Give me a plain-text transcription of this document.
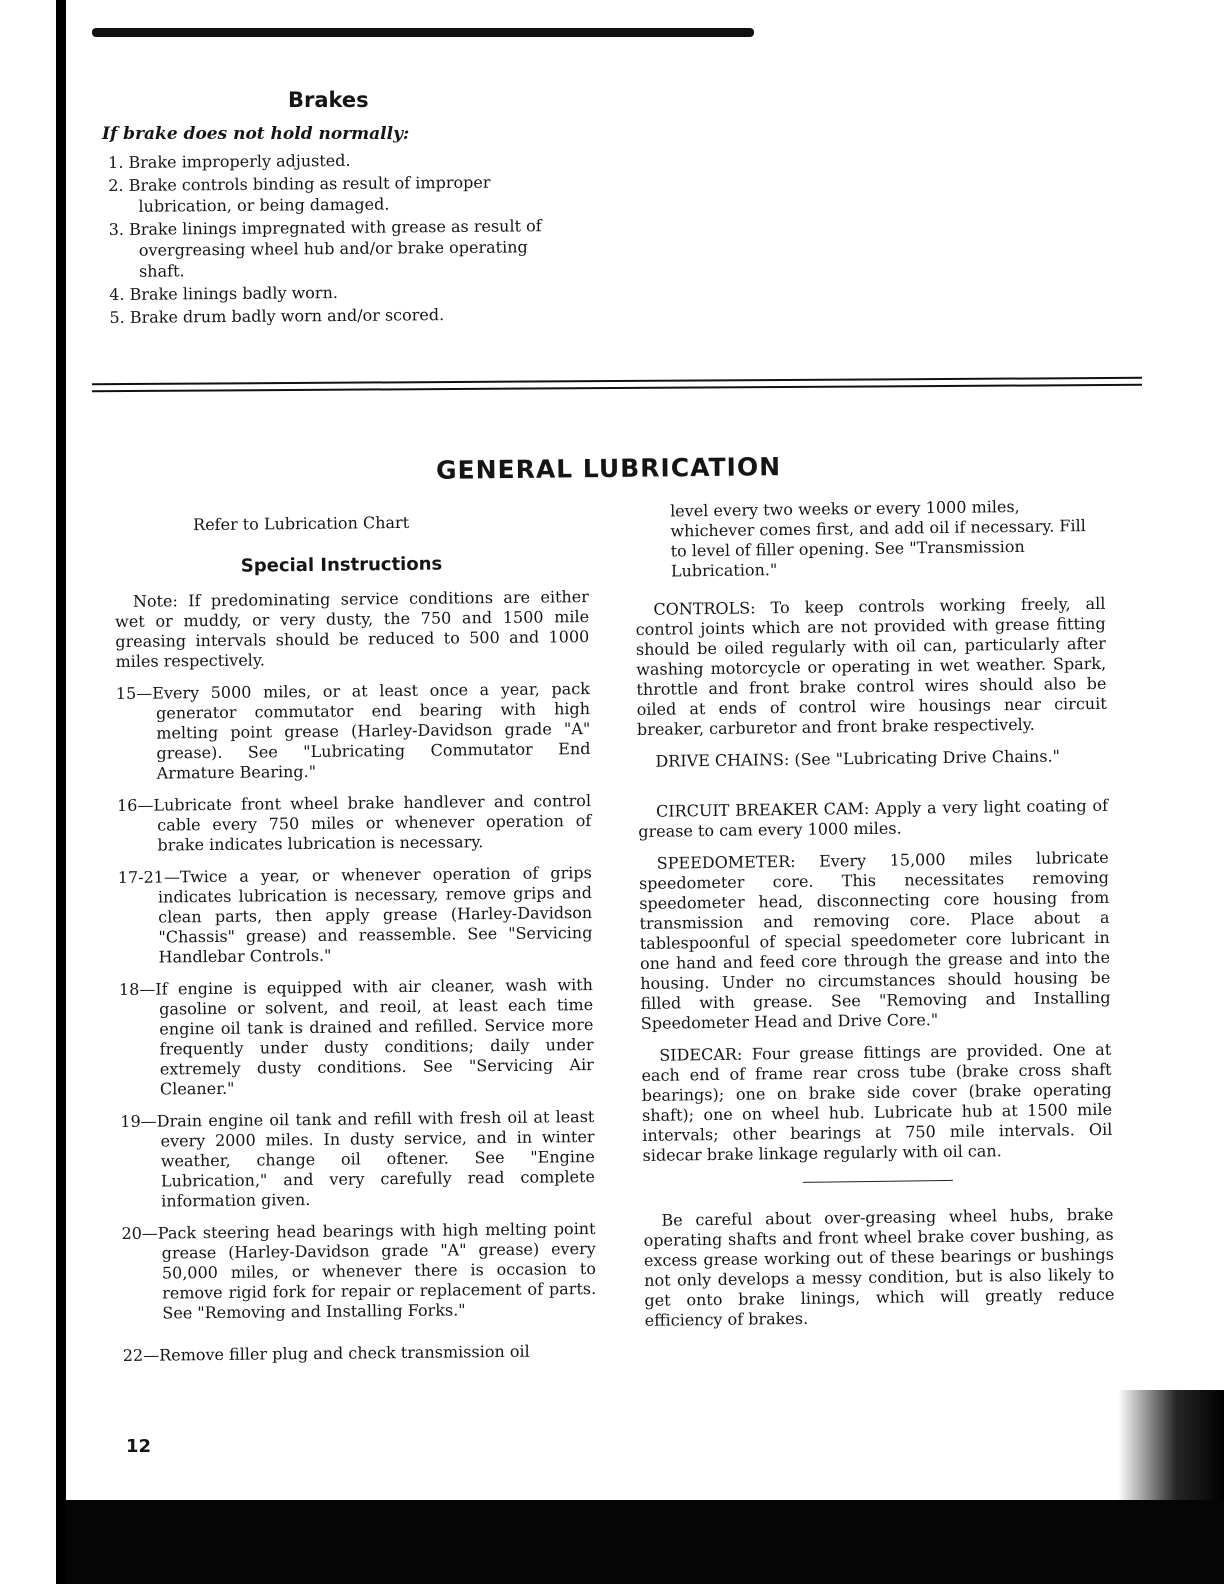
Brakes
If brake does not hold normally:
1. Brake improperly adjusted.
2. Brake controls binding as result of improper lubrication, or being damaged.
3. Brake linings impregnated with grease as result of overgreasing wheel hub and/or brake operating shaft.
4. Brake linings badly worn.
5. Brake drum badly worn and/or scored.
GENERAL LUBRICATION
Refer to Lubrication Chart
Special Instructions

Note: If predominating service conditions are either wet or muddy, or very dusty, the 750 and 1500 mile greasing intervals should be reduced to 500 and 1000 miles respectively.

15—Every 5000 miles, or at least once a year, pack generator commutator end bearing with high melting point grease (Harley-Davidson grade "A" grease). See "Lubricating Commutator End Armature Bearing."
16—Lubricate front wheel brake handlever and control cable every 750 miles or whenever operation of brake indicates lubrication is necessary.
17-21—Twice a year, or whenever operation of grips indicates lubrication is necessary, remove grips and clean parts, then apply grease (Harley-Davidson "Chassis" grease) and reassemble. See "Servicing Handlebar Controls."
18—If engine is equipped with air cleaner, wash with gasoline or solvent, and reoil, at least each time engine oil tank is drained and refilled. Service more frequently under dusty conditions; daily under extremely dusty conditions. See "Servicing Air Cleaner."
19—Drain engine oil tank and refill with fresh oil at least every 2000 miles. In dusty service, and in winter weather, change oil oftener. See "Engine Lubrication," and very carefully read complete information given.
20—Pack steering head bearings with high melting point grease (Harley-Davidson grade "A" grease) every 50,000 miles, or whenever there is occasion to remove rigid fork for repair or replacement of parts. See "Removing and Installing Forks."
22—Remove filler plug and check transmission oil

level every two weeks or every 1000 miles, whichever comes first, and add oil if necessary. Fill to level of filler opening. See "Transmission Lubrication."

CONTROLS: To keep controls working freely, all control joints which are not provided with grease fitting should be oiled regularly with oil can, particularly after washing motorcycle or operating in wet weather. Spark, throttle and front brake control wires should also be oiled at ends of control wire housings near circuit breaker, carburetor and front brake respectively.

DRIVE CHAINS: (See "Lubricating Drive Chains."

CIRCUIT BREAKER CAM: Apply a very light coating of grease to cam every 1000 miles.

SPEEDOMETER: Every 15,000 miles lubricate speedometer core. This necessitates removing speedometer head, disconnecting core housing from transmission and removing core. Place about a tablespoonful of special speedometer core lubricant in one hand and feed core through the grease and into the housing. Under no circumstances should housing be filled with grease. See "Removing and Installing Speedometer Head and Drive Core."

SIDECAR: Four grease fittings are provided. One at each end of frame rear cross tube (brake cross shaft bearings); one on brake side cover (brake operating shaft); one on wheel hub. Lubricate hub at 1500 mile intervals; other bearings at 750 mile intervals. Oil sidecar brake linkage regularly with oil can.

Be careful about over-greasing wheel hubs, brake operating shafts and front wheel brake cover bushing, as excess grease working out of these bearings or bushings not only develops a messy condition, but is also likely to get onto brake linings, which will greatly reduce efficiency of brakes.

12
